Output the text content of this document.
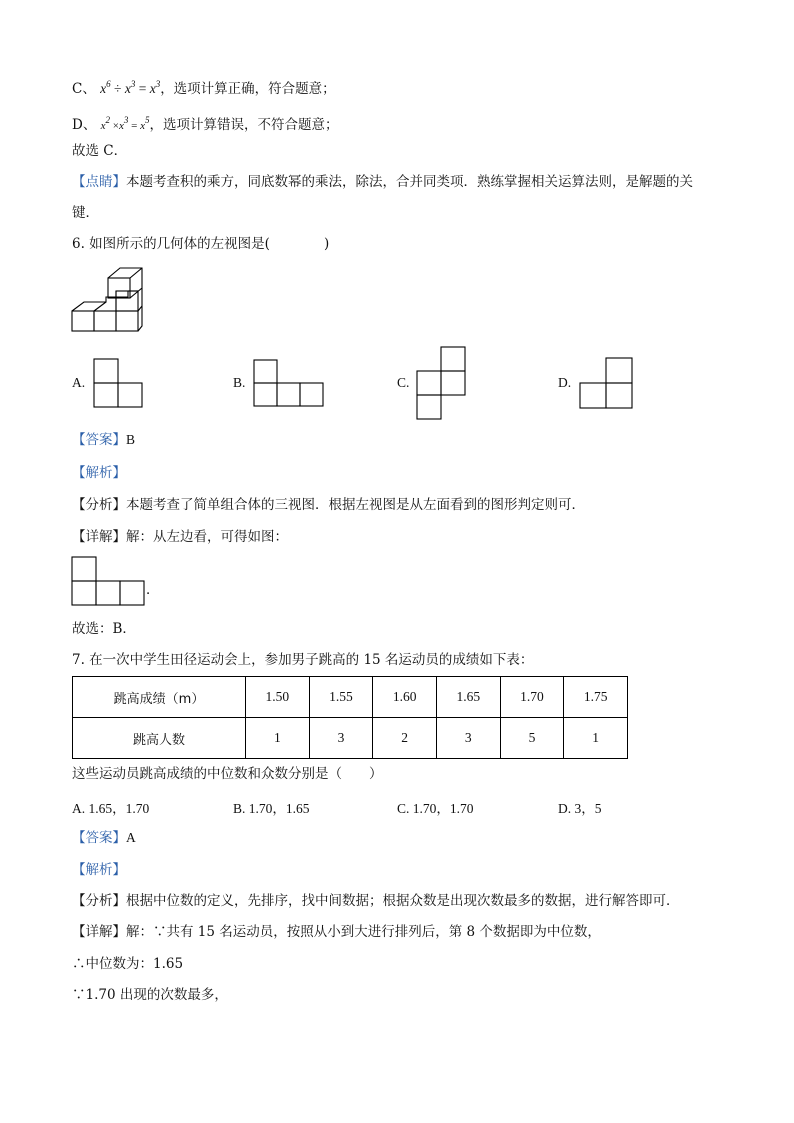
C、 $x^6 \div x^3 = x^3$，选项计算正确，符合题意；
D、 $x^2 \times x^3 = x^5$，选项计算错误，不符合题意；
故选 C．
【点睛】本题考查积的乘方，同底数幂的乘法，除法，合并同类项．熟练掌握相关运算法则，是解题的关
键．
6. 如图所示的几何体的左视图是(　　　　)
A.	B.	C.	D.
【答案】B
【解析】
【分析】本题考查了简单组合体的三视图．根据左视图是从左面看到的图形判定则可．
【详解】解：从左边看，可得如图：
．
故选：B．
7. 在一次中学生田径运动会上，参加男子跳高的 15 名运动员的成绩如下表：
跳高成绩（m）	1.50	1.55	1.60	1.65	1.70	1.75
跳高人数	1	3	2	3	5	1
这些运动员跳高成绩的中位数和众数分别是（　　）
A. 1.65，1.70	B. 1.70，1.65	C. 1.70，1.70	D. 3，5
【答案】A
【解析】
【分析】根据中位数的定义，先排序，找中间数据；根据众数是出现次数最多的数据，进行解答即可．
【详解】解：∵共有 15 名运动员，按照从小到大进行排列后，第 8 个数据即为中位数，
∴中位数为：1.65
∵1.70 出现的次数最多，
